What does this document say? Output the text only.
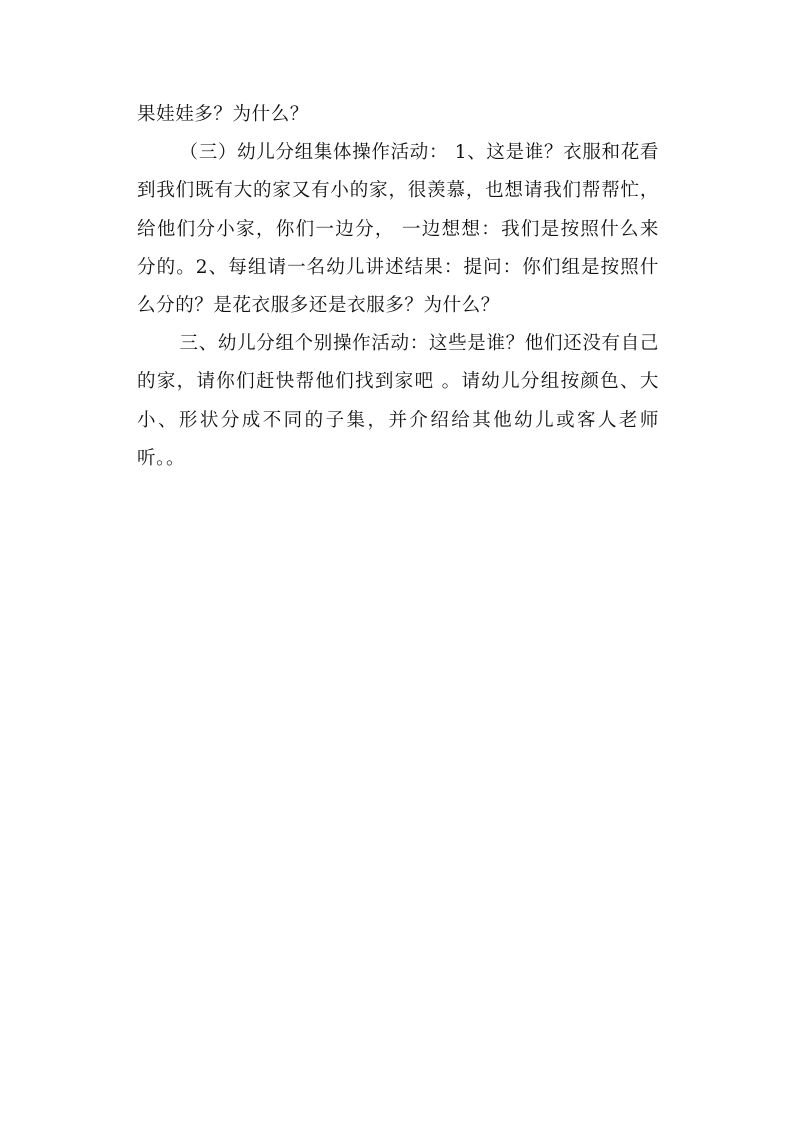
果娃娃多？为什么？

（三）幼儿分组集体操作活动： 1、这是谁？衣服和花看到我们既有大的家又有小的家，很羡慕，也想请我们帮帮忙，给他们分小家，你们一边分， 一边想想：我们是按照什么来分的。2、每组请一名幼儿讲述结果：提问：你们组是按照什么分的？是花衣服多还是衣服多？为什么？

三、幼儿分组个别操作活动：这些是谁？他们还没有自己的家，请你们赶快帮他们找到家吧 。请幼儿分组按颜色、大小、形状分成不同的子集，并介绍给其他幼儿或客人老师听。。
